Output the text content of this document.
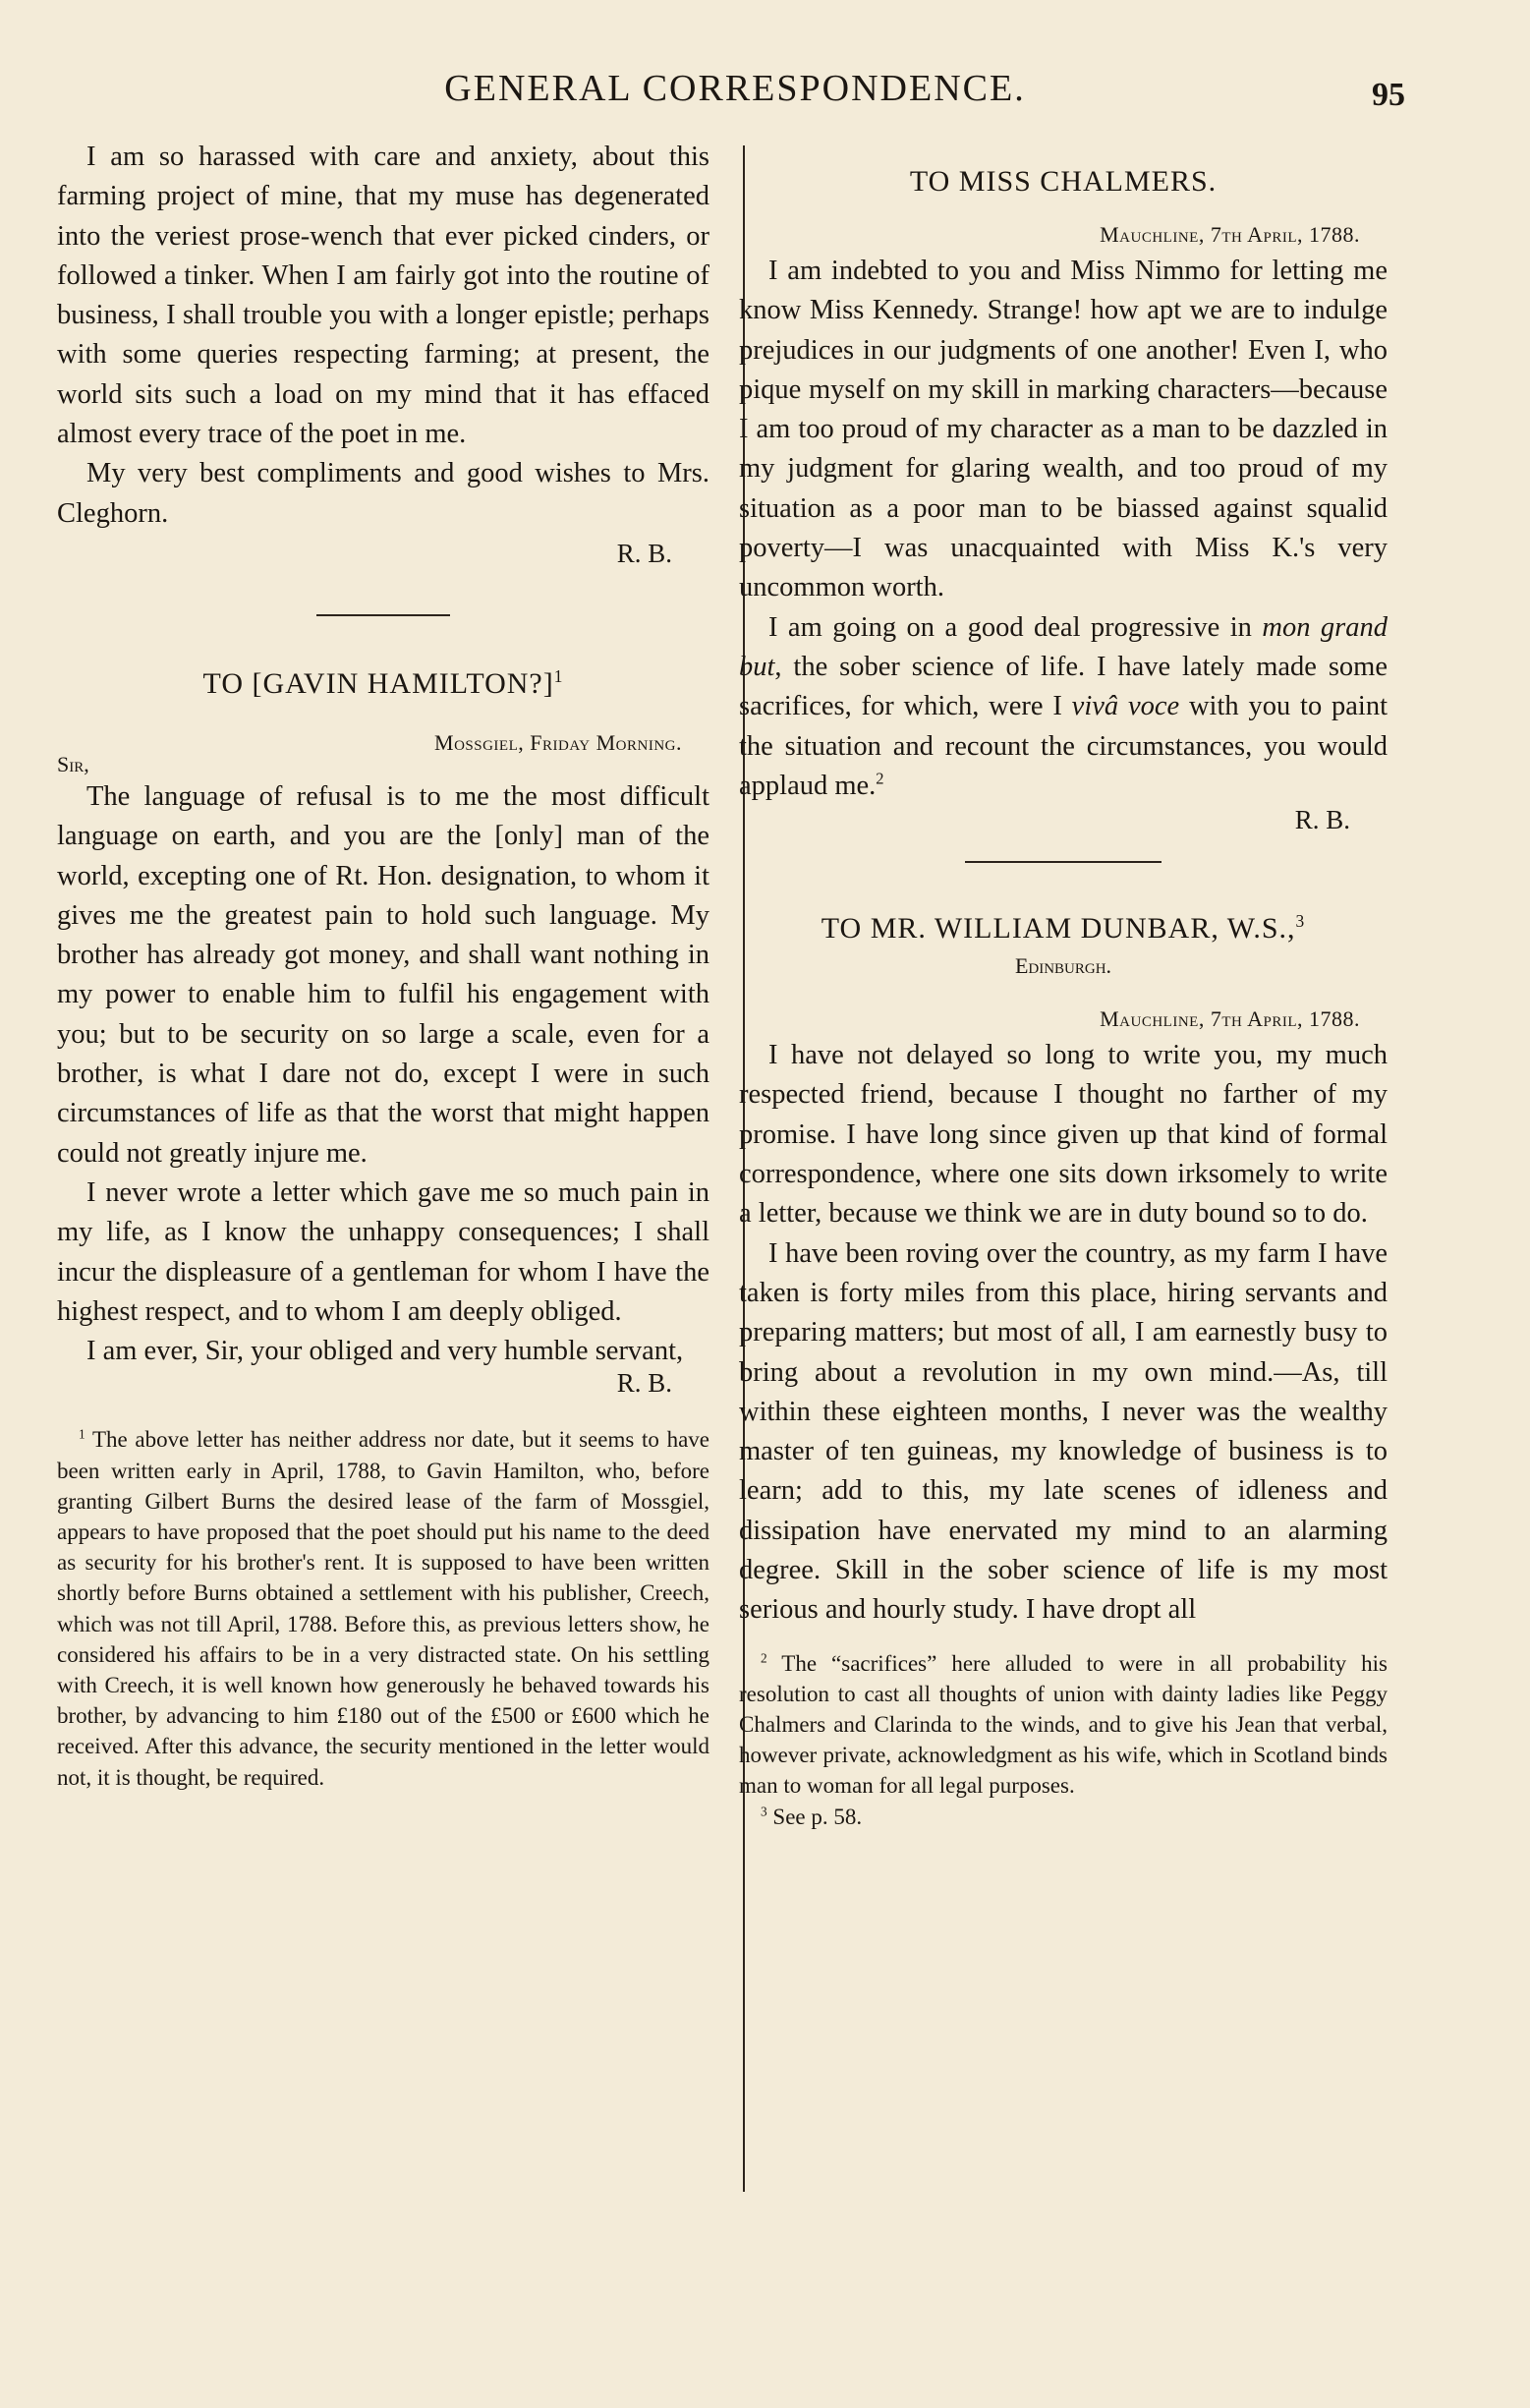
GENERAL CORRESPONDENCE.	95

I am so harassed with care and anxiety, about this farming project of mine, that my muse has degenerated into the veriest prose-wench that ever picked cinders, or followed a tinker. When I am fairly got into the routine of business, I shall trouble you with a longer epistle; perhaps with some queries respecting farming; at present, the world sits such a load on my mind that it has effaced almost every trace of the poet in me.

My very best compliments and good wishes to Mrs. Cleghorn.

R. B.
TO [GAVIN HAMILTON?]$^1$
Mossgiel, Friday Morning.
Sir,

The language of refusal is to me the most difficult language on earth, and you are the [only] man of the world, excepting one of Rt. Hon. designation, to whom it gives me the greatest pain to hold such language. My brother has already got money, and shall want nothing in my power to enable him to fulfil his engagement with you; but to be security on so large a scale, even for a brother, is what I dare not do, except I were in such circumstances of life as that the worst that might happen could not greatly injure me.

I never wrote a letter which gave me so much pain in my life, as I know the unhappy consequences; I shall incur the displeasure of a gentleman for whom I have the highest respect, and to whom I am deeply obliged.

I am ever, Sir, your obliged and very humble servant,

R. B.

$^1$ The above letter has neither address nor date, but it seems to have been written early in April, 1788, to Gavin Hamilton, who, before granting Gilbert Burns the desired lease of the farm of Mossgiel, appears to have proposed that the poet should put his name to the deed as security for his brother's rent. It is supposed to have been written shortly before Burns obtained a settlement with his publisher, Creech, which was not till April, 1788. Before this, as previous letters show, he considered his affairs to be in a very distracted state. On his settling with Creech, it is well known how generously he behaved towards his brother, by advancing to him £180 out of the £500 or £600 which he received. After this advance, the security mentioned in the letter would not, it is thought, be required.

TO MISS CHALMERS.
Mauchline, 7th April, 1788.

I am indebted to you and Miss Nimmo for letting me know Miss Kennedy. Strange! how apt we are to indulge prejudices in our judgments of one another! Even I, who pique myself on my skill in marking characters—because I am too proud of my character as a man to be dazzled in my judgment for glaring wealth, and too proud of my situation as a poor man to be biassed against squalid poverty—I was unacquainted with Miss K.'s very uncommon worth.

I am going on a good deal progressive in mon grand but, the sober science of life. I have lately made some sacrifices, for which, were I vivâ voce with you to paint the situation and recount the circumstances, you would applaud me.$^2$

R. B.
TO MR. WILLIAM DUNBAR, W.S.,$^3$
Edinburgh.
Mauchline, 7th April, 1788.

I have not delayed so long to write you, my much respected friend, because I thought no farther of my promise. I have long since given up that kind of formal correspondence, where one sits down irksomely to write a letter, because we think we are in duty bound so to do.

I have been roving over the country, as my farm I have taken is forty miles from this place, hiring servants and preparing matters; but most of all, I am earnestly busy to bring about a revolution in my own mind.—As, till within these eighteen months, I never was the wealthy master of ten guineas, my knowledge of business is to learn; add to this, my late scenes of idleness and dissipation have enervated my mind to an alarming degree. Skill in the sober science of life is my most serious and hourly study. I have dropt all

$^2$ The “sacrifices” here alluded to were in all probability his resolution to cast all thoughts of union with dainty ladies like Peggy Chalmers and Clarinda to the winds, and to give his Jean that verbal, however private, acknowledgment as his wife, which in Scotland binds man to woman for all legal purposes.

$^3$ See p. 58.
